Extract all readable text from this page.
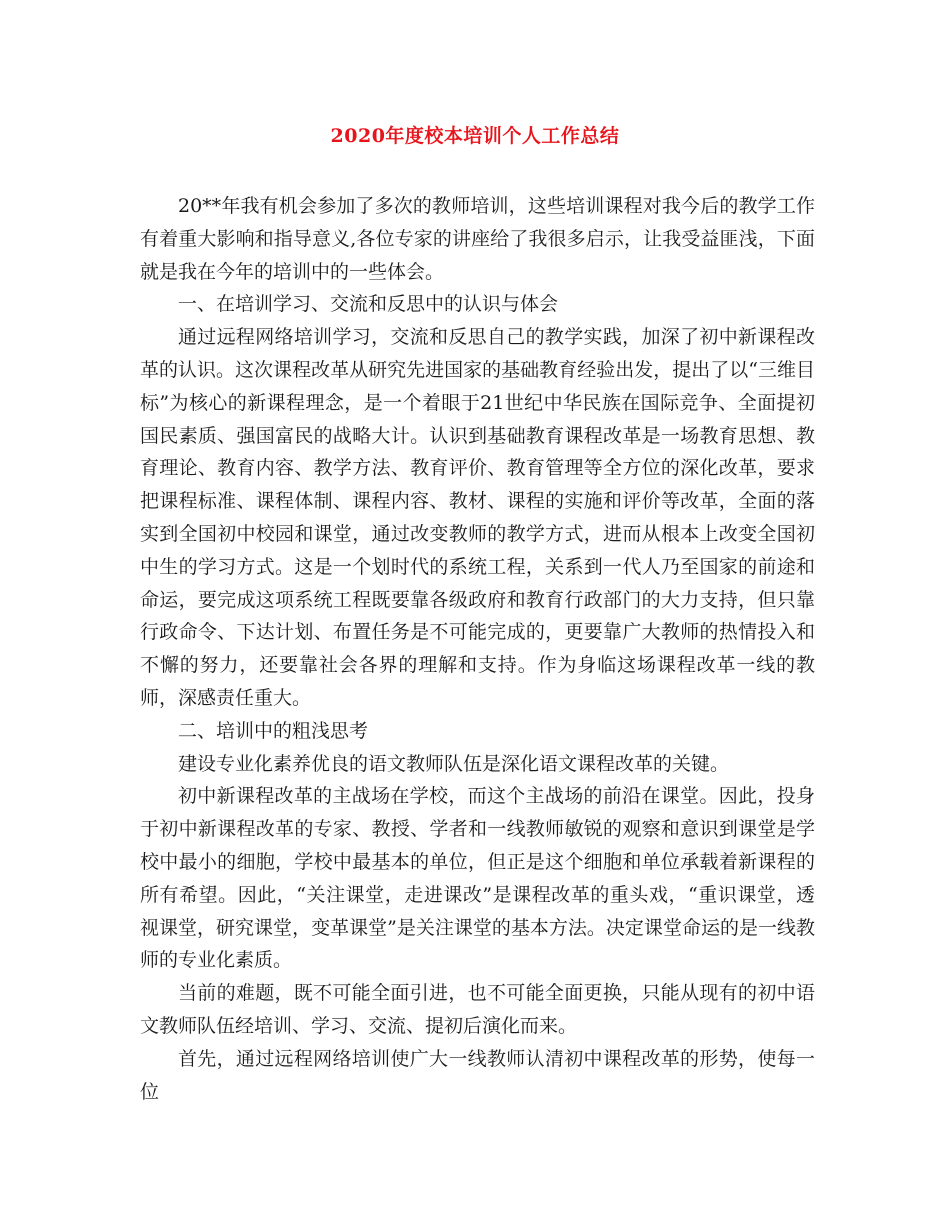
2020年度校本培训个人工作总结

20**年我有机会参加了多次的教师培训，这些培训课程对我今后的教学工作有着重大影响和指导意义,各位专家的讲座给了我很多启示，让我受益匪浅，下面就是我在今年的培训中的一些体会。

一、在培训学习、交流和反思中的认识与体会

通过远程网络培训学习，交流和反思自己的教学实践，加深了初中新课程改革的认识。这次课程改革从研究先进国家的基础教育经验出发，提出了以“三维目标”为核心的新课程理念，是一个着眼于21世纪中华民族在国际竞争、全面提初国民素质、强国富民的战略大计。认识到基础教育课程改革是一场教育思想、教育理论、教育内容、教学方法、教育评价、教育管理等全方位的深化改革，要求把课程标准、课程体制、课程内容、教材、课程的实施和评价等改革，全面的落实到全国初中校园和课堂，通过改变教师的教学方式，进而从根本上改变全国初中生的学习方式。这是一个划时代的系统工程，关系到一代人乃至国家的前途和命运，要完成这项系统工程既要靠各级政府和教育行政部门的大力支持，但只靠行政命令、下达计划、布置任务是不可能完成的，更要靠广大教师的热情投入和不懈的努力，还要靠社会各界的理解和支持。作为身临这场课程改革一线的教师，深感责任重大。

二、培训中的粗浅思考

建设专业化素养优良的语文教师队伍是深化语文课程改革的关键。

初中新课程改革的主战场在学校，而这个主战场的前沿在课堂。因此，投身于初中新课程改革的专家、教授、学者和一线教师敏锐的观察和意识到课堂是学校中最小的细胞，学校中最基本的单位，但正是这个细胞和单位承载着新课程的所有希望。因此，“关注课堂，走进课改”是课程改革的重头戏，“重识课堂，透视课堂，研究课堂，变革课堂”是关注课堂的基本方法。决定课堂命运的是一线教师的专业化素质。

当前的难题，既不可能全面引进，也不可能全面更换，只能从现有的初中语文教师队伍经培训、学习、交流、提初后演化而来。

首先，通过远程网络培训使广大一线教师认清初中课程改革的形势，使每一位
